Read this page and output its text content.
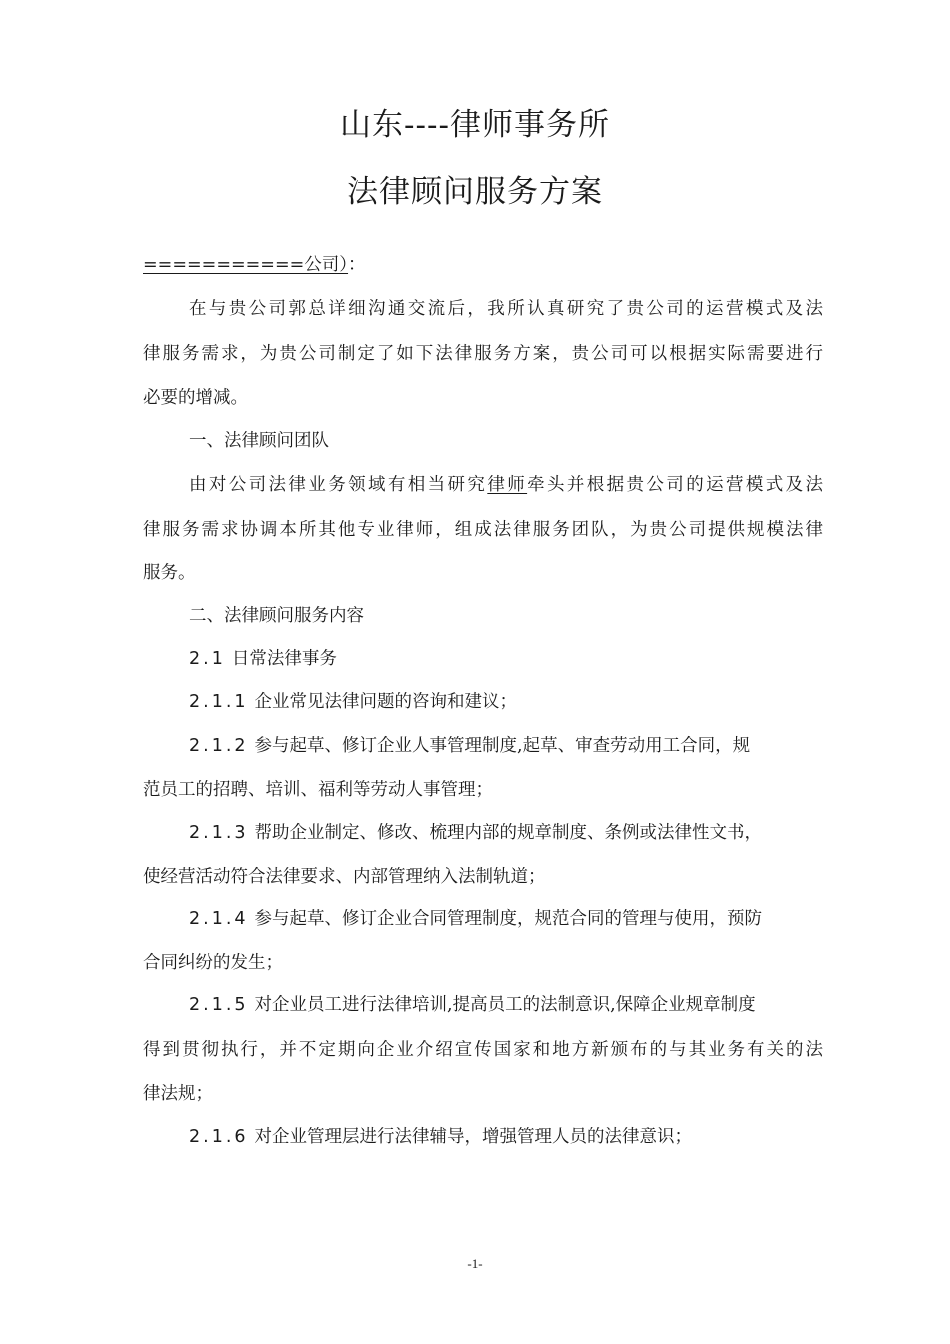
山东----律师事务所
法律顾问服务方案
===========公司）：
在与贵公司郭总详细沟通交流后，我所认真研究了贵公司的运营模式及法
律服务需求，为贵公司制定了如下法律服务方案，贵公司可以根据实际需要进行
必要的增减。
一、法律顾问团队
由对公司法律业务领域有相当研究律师牵头并根据贵公司的运营模式及法
律服务需求协调本所其他专业律师，组成法律服务团队，为贵公司提供规模法律
服务。
二、法律顾问服务内容
2.1 日常法律事务
2.1.1 企业常见法律问题的咨询和建议；
2.1.2 参与起草、修订企业人事管理制度,起草、审查劳动用工合同，规
范员工的招聘、培训、福利等劳动人事管理；
2.1.3 帮助企业制定、修改、梳理内部的规章制度、条例或法律性文书，
使经营活动符合法律要求、内部管理纳入法制轨道；
2.1.4 参与起草、修订企业合同管理制度，规范合同的管理与使用，预防
合同纠纷的发生；
2.1.5 对企业员工进行法律培训,提高员工的法制意识,保障企业规章制度
得到贯彻执行，并不定期向企业介绍宣传国家和地方新颁布的与其业务有关的法
律法规；
2.1.6 对企业管理层进行法律辅导，增强管理人员的法律意识；
-1-
